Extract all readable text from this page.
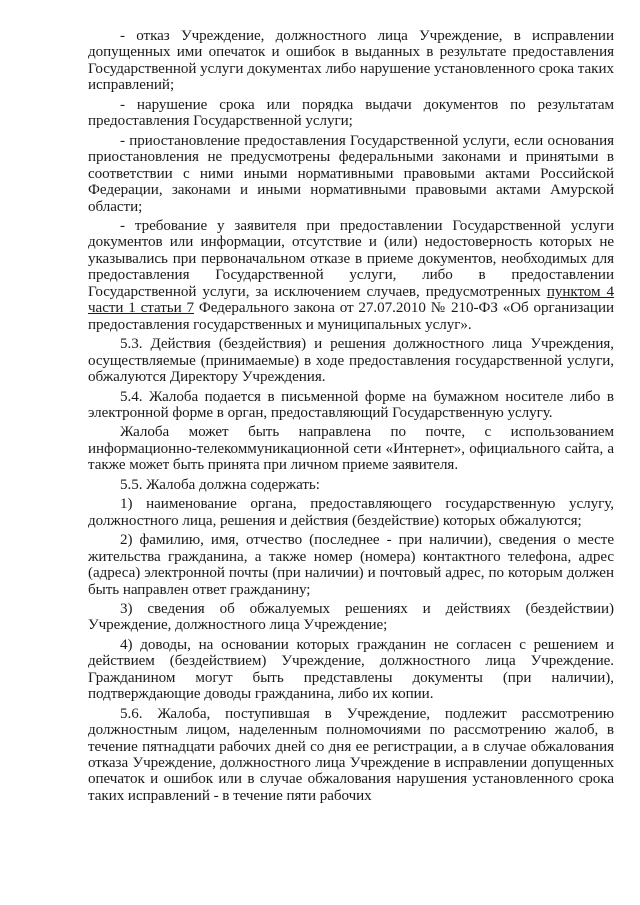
- отказ Учреждение, должностного лица Учреждение, в исправлении допущенных ими опечаток и ошибок в выданных в результате предоставления Государственной услуги документах либо нарушение установленного срока таких исправлений;

- нарушение срока или порядка выдачи документов по результатам предоставления Государственной услуги;

- приостановление предоставления Государственной услуги, если основания приостановления не предусмотрены федеральными законами и принятыми в соответствии с ними иными нормативными правовыми актами Российской Федерации, законами и иными нормативными правовыми актами Амурской области;

- требование у заявителя при предоставлении Государственной услуги документов или информации, отсутствие и (или) недостоверность которых не указывались при первоначальном отказе в приеме документов, необходимых для предоставления Государственной услуги, либо в предоставлении Государственной услуги, за исключением случаев, предусмотренных пунктом 4 части 1 статьи 7 Федерального закона от 27.07.2010 № 210-ФЗ «Об организации предоставления государственных и муниципальных услуг».

5.3. Действия (бездействия) и решения должностного лица Учреждения, осуществляемые (принимаемые) в ходе предоставления государственной услуги, обжалуются Директору Учреждения.

5.4. Жалоба подается в письменной форме на бумажном носителе либо в электронной форме в орган, предоставляющий Государственную услугу.

Жалоба может быть направлена по почте, с использованием информационно-телекоммуникационной сети «Интернет», официального сайта, а также может быть принята при личном приеме заявителя.

5.5. Жалоба должна содержать:

1) наименование органа, предоставляющего государственную услугу, должностного лица, решения и действия (бездействие) которых обжалуются;

2) фамилию, имя, отчество (последнее - при наличии), сведения о месте жительства гражданина, а также номер (номера) контактного телефона, адрес (адреса) электронной почты (при наличии) и почтовый адрес, по которым должен быть направлен ответ гражданину;

3) сведения об обжалуемых решениях и действиях (бездействии) Учреждение, должностного лица Учреждение;

4) доводы, на основании которых гражданин не согласен с решением и действием (бездействием) Учреждение, должностного лица Учреждение. Гражданином могут быть представлены документы (при наличии), подтверждающие доводы гражданина, либо их копии.

5.6. Жалоба, поступившая в Учреждение, подлежит рассмотрению должностным лицом, наделенным полномочиями по рассмотрению жалоб, в течение пятнадцати рабочих дней со дня ее регистрации, а в случае обжалования отказа Учреждение, должностного лица Учреждение в исправлении допущенных опечаток и ошибок или в случае обжалования нарушения установленного срока таких исправлений - в течение пяти рабочих
